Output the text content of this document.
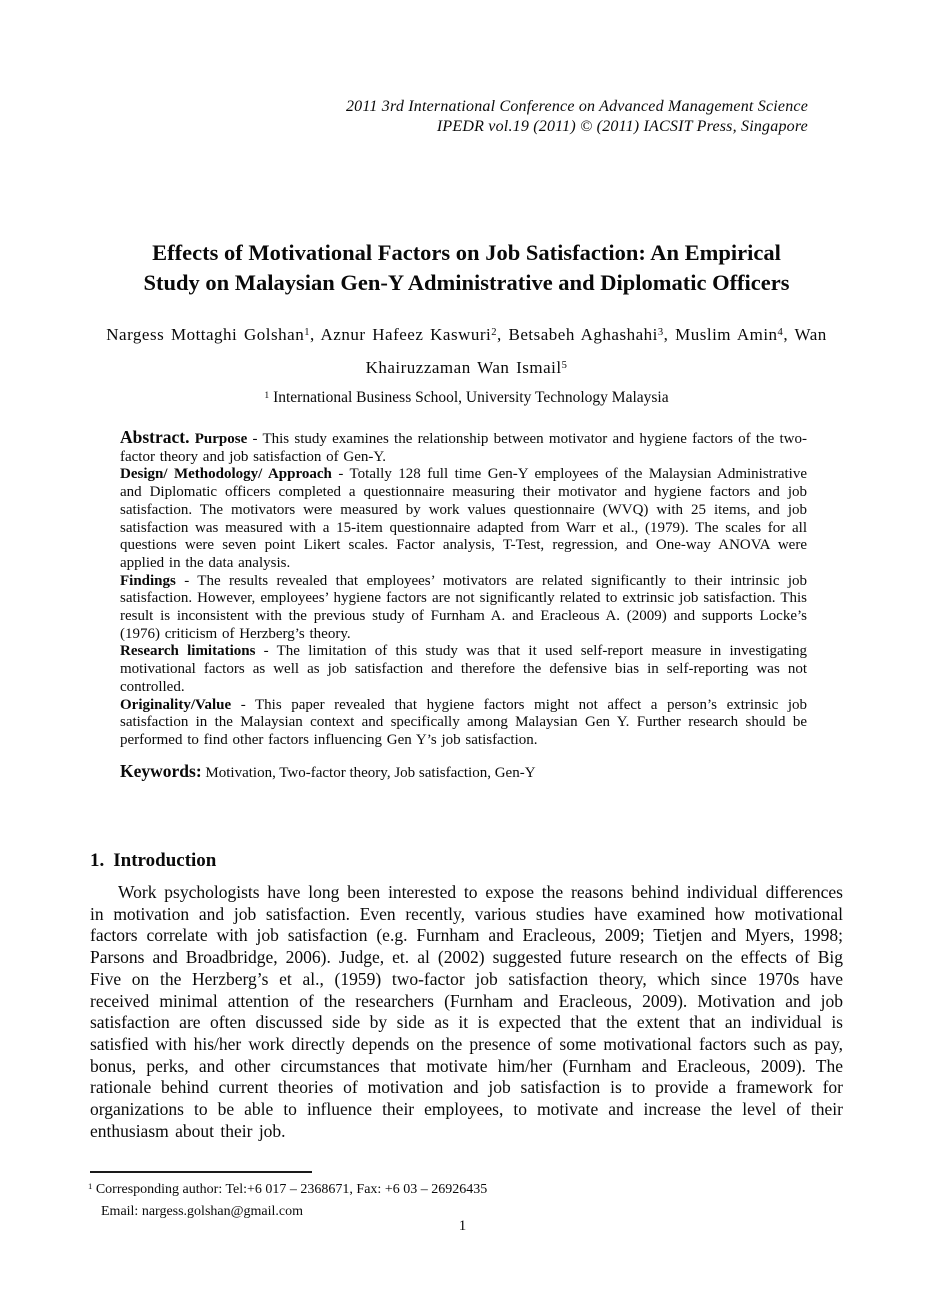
2011 3rd International Conference on Advanced Management Science
IPEDR vol.19 (2011) © (2011) IACSIT Press, Singapore
Effects of Motivational Factors on Job Satisfaction: An Empirical
Study on Malaysian Gen-Y Administrative and Diplomatic Officers
Nargess Mottaghi Golshan$^1$, Aznur Hafeez Kaswuri$^2$, Betsabeh Aghashahi$^3$, Muslim Amin$^4$, Wan Khairuzzaman Wan Ismail$^5$
$^1$ International Business School, University Technology Malaysia

Abstract. Purpose - This study examines the relationship between motivator and hygiene factors of the two-factor theory and job satisfaction of Gen-Y.

Design/ Methodology/ Approach - Totally 128 full time Gen-Y employees of the Malaysian Administrative and Diplomatic officers completed a questionnaire measuring their motivator and hygiene factors and job satisfaction. The motivators were measured by work values questionnaire (WVQ) with 25 items, and job satisfaction was measured with a 15-item questionnaire adapted from Warr et al., (1979). The scales for all questions were seven point Likert scales. Factor analysis, T-Test, regression, and One-way ANOVA were applied in the data analysis.

Findings - The results revealed that employees’ motivators are related significantly to their intrinsic job satisfaction. However, employees’ hygiene factors are not significantly related to extrinsic job satisfaction. This result is inconsistent with the previous study of Furnham A. and Eracleous A. (2009) and supports Locke’s (1976) criticism of Herzberg’s theory.

Research limitations - The limitation of this study was that it used self-report measure in investigating motivational factors as well as job satisfaction and therefore the defensive bias in self-reporting was not controlled.

Originality/Value - This paper revealed that hygiene factors might not affect a person’s extrinsic job satisfaction in the Malaysian context and specifically among Malaysian Gen Y. Further research should be performed to find other factors influencing Gen Y’s job satisfaction.

Keywords: Motivation, Two-factor theory, Job satisfaction, Gen-Y
1. Introduction
Work psychologists have long been interested to expose the reasons behind individual differences in motivation and job satisfaction. Even recently, various studies have examined how motivational factors correlate with job satisfaction (e.g. Furnham and Eracleous, 2009; Tietjen and Myers, 1998; Parsons and Broadbridge, 2006). Judge, et. al (2002) suggested future research on the effects of Big Five on the Herzberg’s et al., (1959) two-factor job satisfaction theory, which since 1970s have received minimal attention of the researchers (Furnham and Eracleous, 2009). Motivation and job satisfaction are often discussed side by side as it is expected that the extent that an individual is satisfied with his/her work directly depends on the presence of some motivational factors such as pay, bonus, perks, and other circumstances that motivate him/her (Furnham and Eracleous, 2009). The rationale behind current theories of motivation and job satisfaction is to provide a framework for organizations to be able to influence their employees, to motivate and increase the level of their enthusiasm about their job.
$^1$ Corresponding author: Tel:+6 017 – 2368671, Fax: +6 03 – 26926435
Email: nargess.golshan@gmail.com
1
